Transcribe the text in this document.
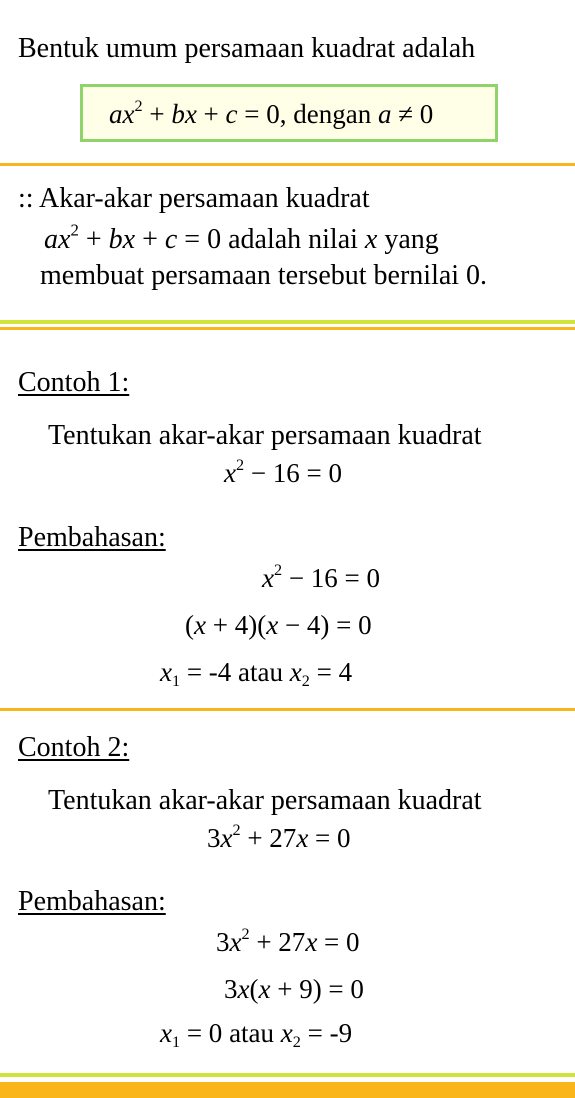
Bentuk umum persamaan kuadrat adalah
$ax^2$ + bx + c = 0, dengan a ≠ 0
:: Akar-akar persamaan kuadrat
$ax^2$ + bx + c = 0 adalah nilai x yang
membuat persamaan tersebut bernilai 0.
Contoh 1:
Tentukan akar-akar persamaan kuadrat
$x^2 - 16 = 0$
Pembahasan:
$x^2 - 16 = 0$
(x + 4)(x − 4) = 0
$x_1 = -4$ atau $x_2 = 4$
Contoh 2:
Tentukan akar-akar persamaan kuadrat
$3x^2 + 27x = 0$
Pembahasan:
$3x^2 + 27x = 0$
3x(x + 9) = 0
$x_1 = 0$ atau $x_2 = -9$
